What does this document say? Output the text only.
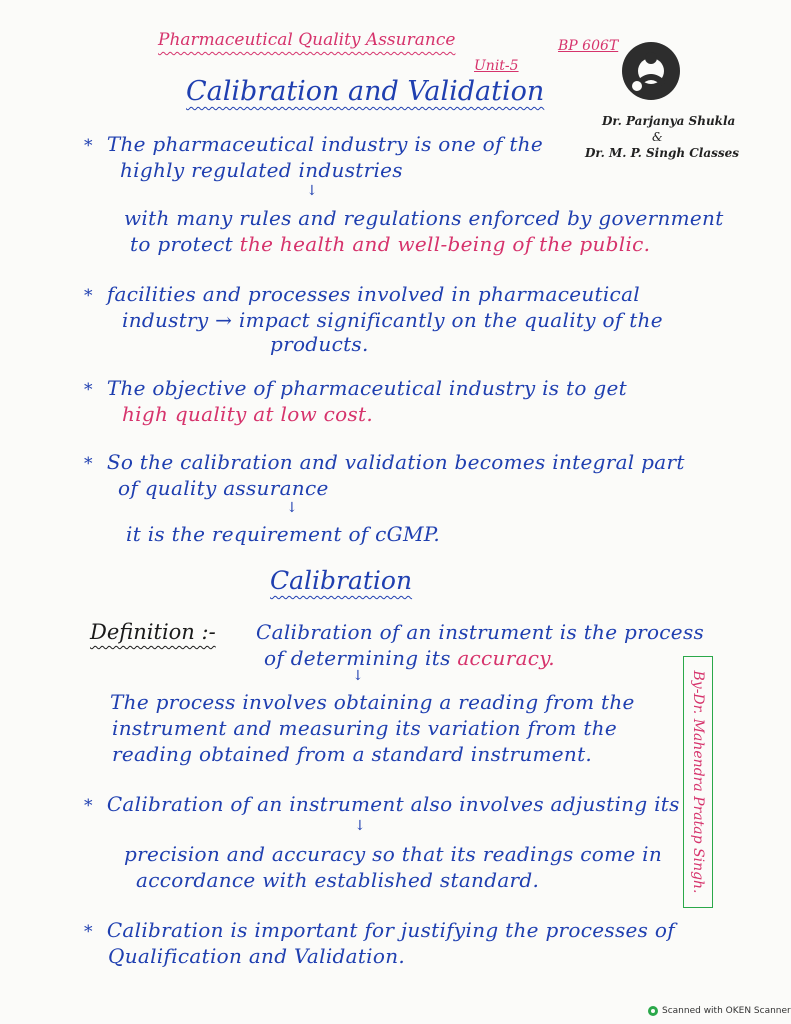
Pharmaceutical Quality Assurance	BP 606T
Unit-5
Calibration and Validation
Dr. Parjanya Shukla
&
Dr. M. P. Singh Classes
* The pharmaceutical industry is one of the
highly regulated industries
↓
with many rules and regulations enforced by government
to protect the health and well-being of the public.
* facilities and processes involved in pharmaceutical
industry → impact significantly on the quality of the
products.
* The objective of pharmaceutical industry is to get
high quality at low cost.
* So the calibration and validation becomes integral part
of quality assurance
↓
it is the requirement of cGMP.
Calibration
Definition :- Calibration of an instrument is the process
of determining its accuracy.
↓
The process involves obtaining a reading from the
instrument and measuring its variation from the
reading obtained from a standard instrument.
* Calibration of an instrument also involves adjusting its
↓
precision and accuracy so that its readings come in
accordance with established standard.
* Calibration is important for justifying the processes of
Qualification and Validation.
By-Dr. Mahendra Pratap Singh.
Scanned with OKEN Scanner
